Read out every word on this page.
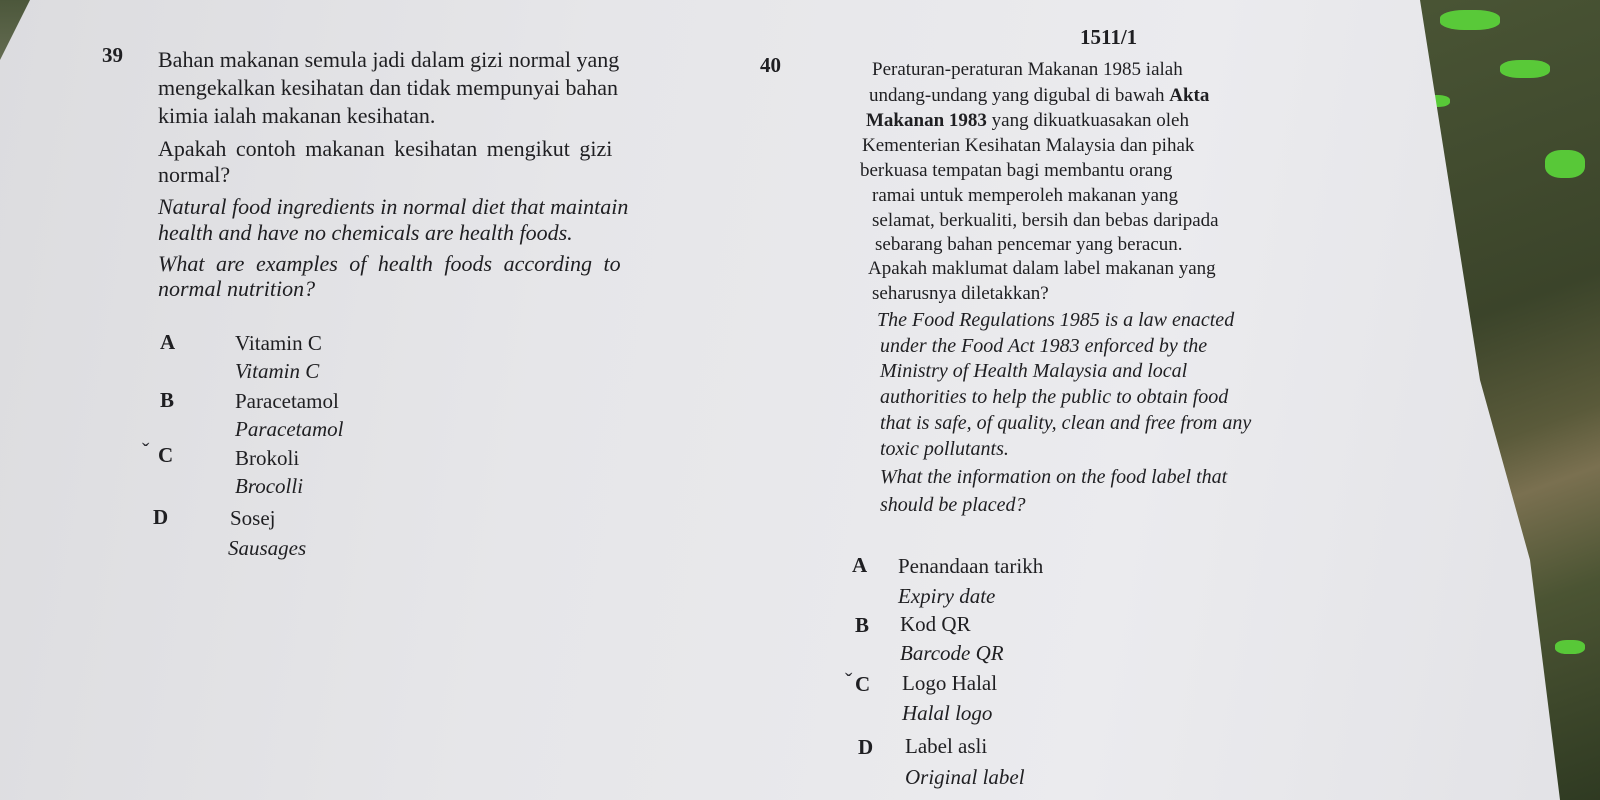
1511/1
39 Bahan makanan semula jadi dalam gizi normal yang
mengekalkan kesihatan dan tidak mempunyai bahan
kimia ialah makanan kesihatan.
Apakah contoh makanan kesihatan mengikut gizi
normal?
Natural food ingredients in normal diet that maintain
health and have no chemicals are health foods.
What are examples of health foods according to
normal nutrition?
A	Vitamin C
Vitamin C
B	Paracetamol
Paracetamol
C
ˇ	Brokoli
Brocolli
D	Sosej
Sausages
40	Peraturan-peraturan Makanan 1985 ialah
undang-undang yang digubal di bawah Akta
Makanan 1983 yang dikuatkuasakan oleh
Kementerian Kesihatan Malaysia dan pihak
berkuasa tempatan bagi membantu orang
ramai untuk memperoleh makanan yang
selamat, berkualiti, bersih dan bebas daripada
sebarang bahan pencemar yang beracun.
Apakah maklumat dalam label makanan yang
seharusnya diletakkan?
The Food Regulations 1985 is a law enacted
under the Food Act 1983 enforced by the
Ministry of Health Malaysia and local
authorities to help the public to obtain food
that is safe, of quality, clean and free from any
toxic pollutants.
What the information on the food label that
should be placed?
A Penandaan tarikh
Expiry date
B Kod QR
Barcode QR
C
ˇ Logo Halal
Halal logo
D Label asli
Original label
